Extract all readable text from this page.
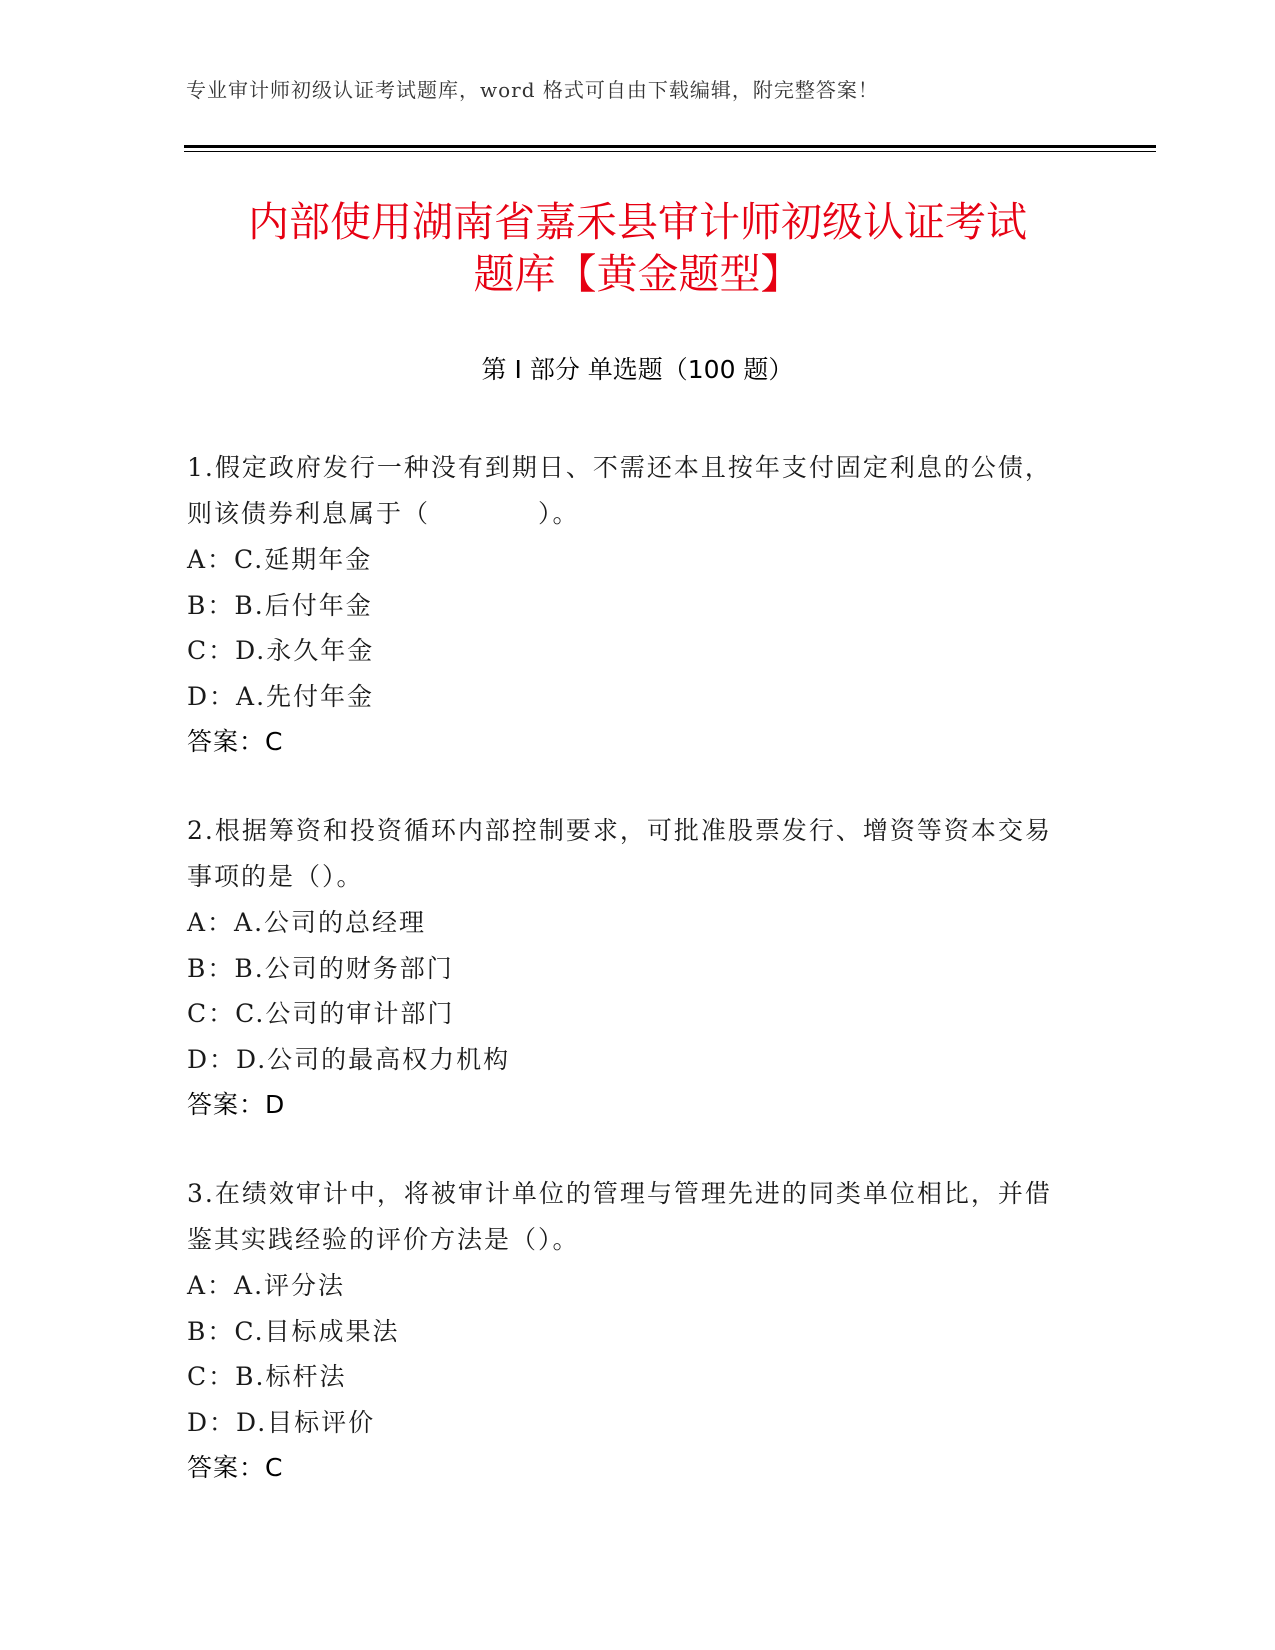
专业审计师初级认证考试题库，word 格式可自由下载编辑，附完整答案！
内部使用湖南省嘉禾县审计师初级认证考试
题库【黄金题型】
第 I 部分 单选题（100 题）

1.假定政府发行一种没有到期日、不需还本且按年支付固定利息的公债，则该债券利息属于（　　　　）。

A：C.延期年金

B：B.后付年金

C：D.永久年金

D：A.先付年金

答案：C

2.根据筹资和投资循环内部控制要求，可批准股票发行、增资等资本交易事项的是（）。

A：A.公司的总经理

B：B.公司的财务部门

C：C.公司的审计部门

D：D.公司的最高权力机构

答案：D

3.在绩效审计中，将被审计单位的管理与管理先进的同类单位相比，并借鉴其实践经验的评价方法是（）。

A：A.评分法

B：C.目标成果法

C：B.标杆法

D：D.目标评价

答案：C
